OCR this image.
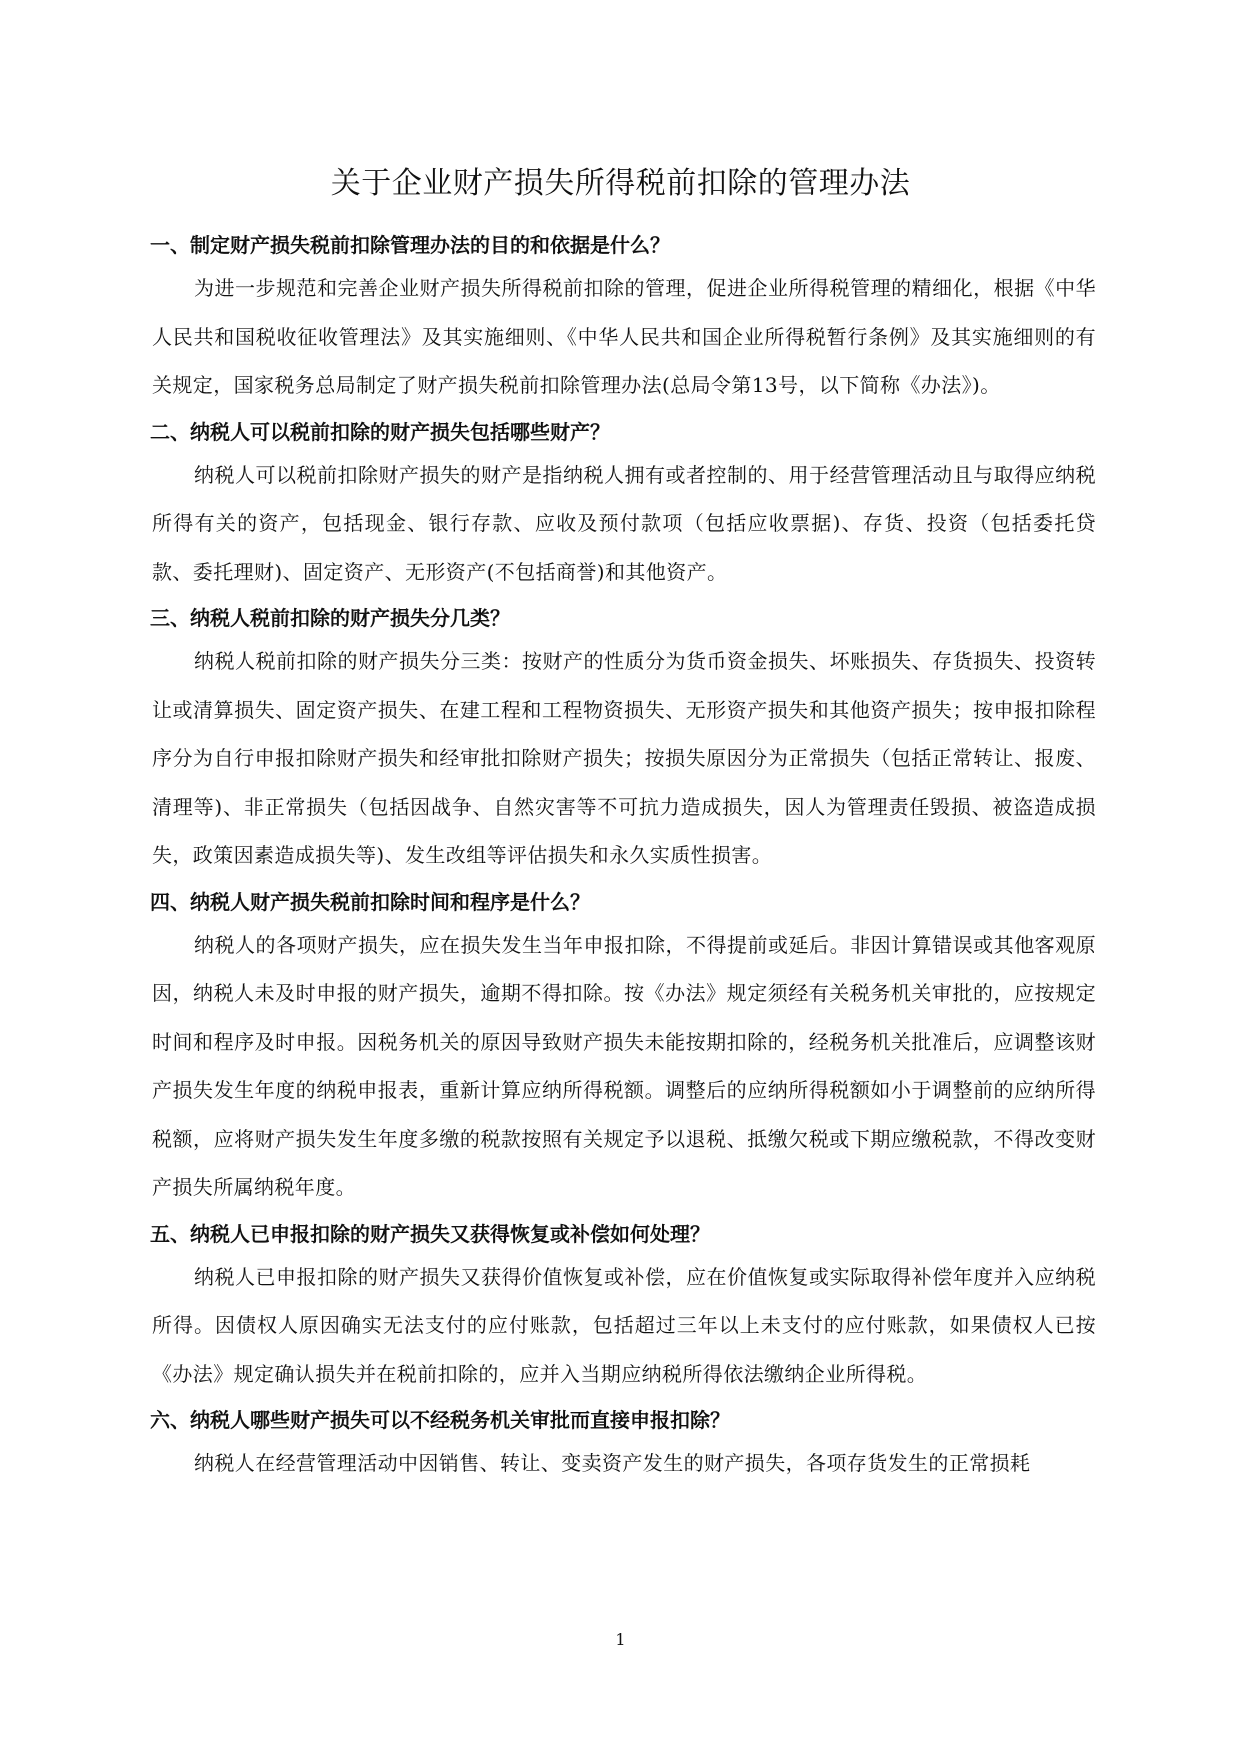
关于企业财产损失所得税前扣除的管理办法
一、制定财产损失税前扣除管理办法的目的和依据是什么？

为进一步规范和完善企业财产损失所得税前扣除的管理，促进企业所得税管理的精细化，根据《中华人民共和国税收征收管理法》及其实施细则、《中华人民共和国企业所得税暂行条例》及其实施细则的有关规定，国家税务总局制定了财产损失税前扣除管理办法(总局令第13号，以下简称《办法》)。

二、纳税人可以税前扣除的财产损失包括哪些财产？

纳税人可以税前扣除财产损失的财产是指纳税人拥有或者控制的、用于经营管理活动且与取得应纳税所得有关的资产，包括现金、银行存款、应收及预付款项（包括应收票据)、存货、投资（包括委托贷款、委托理财)、固定资产、无形资产(不包括商誉)和其他资产。

三、纳税人税前扣除的财产损失分几类？

纳税人税前扣除的财产损失分三类：按财产的性质分为货币资金损失、坏账损失、存货损失、投资转让或清算损失、固定资产损失、在建工程和工程物资损失、无形资产损失和其他资产损失；按申报扣除程序分为自行申报扣除财产损失和经审批扣除财产损失；按损失原因分为正常损失（包括正常转让、报废、清理等)、非正常损失（包括因战争、自然灾害等不可抗力造成损失，因人为管理责任毁损、被盗造成损失，政策因素造成损失等)、发生改组等评估损失和永久实质性损害。

四、纳税人财产损失税前扣除时间和程序是什么？

纳税人的各项财产损失，应在损失发生当年申报扣除，不得提前或延后。非因计算错误或其他客观原因，纳税人未及时申报的财产损失，逾期不得扣除。按《办法》规定须经有关税务机关审批的，应按规定时间和程序及时申报。因税务机关的原因导致财产损失未能按期扣除的，经税务机关批准后，应调整该财产损失发生年度的纳税申报表，重新计算应纳所得税额。调整后的应纳所得税额如小于调整前的应纳所得税额，应将财产损失发生年度多缴的税款按照有关规定予以退税、抵缴欠税或下期应缴税款，不得改变财产损失所属纳税年度。

五、纳税人已申报扣除的财产损失又获得恢复或补偿如何处理？

纳税人已申报扣除的财产损失又获得价值恢复或补偿，应在价值恢复或实际取得补偿年度并入应纳税所得。因债权人原因确实无法支付的应付账款，包括超过三年以上未支付的应付账款，如果债权人已按《办法》规定确认损失并在税前扣除的，应并入当期应纳税所得依法缴纳企业所得税。

六、纳税人哪些财产损失可以不经税务机关审批而直接申报扣除？

纳税人在经营管理活动中因销售、转让、变卖资产发生的财产损失，各项存货发生的正常损耗

1
